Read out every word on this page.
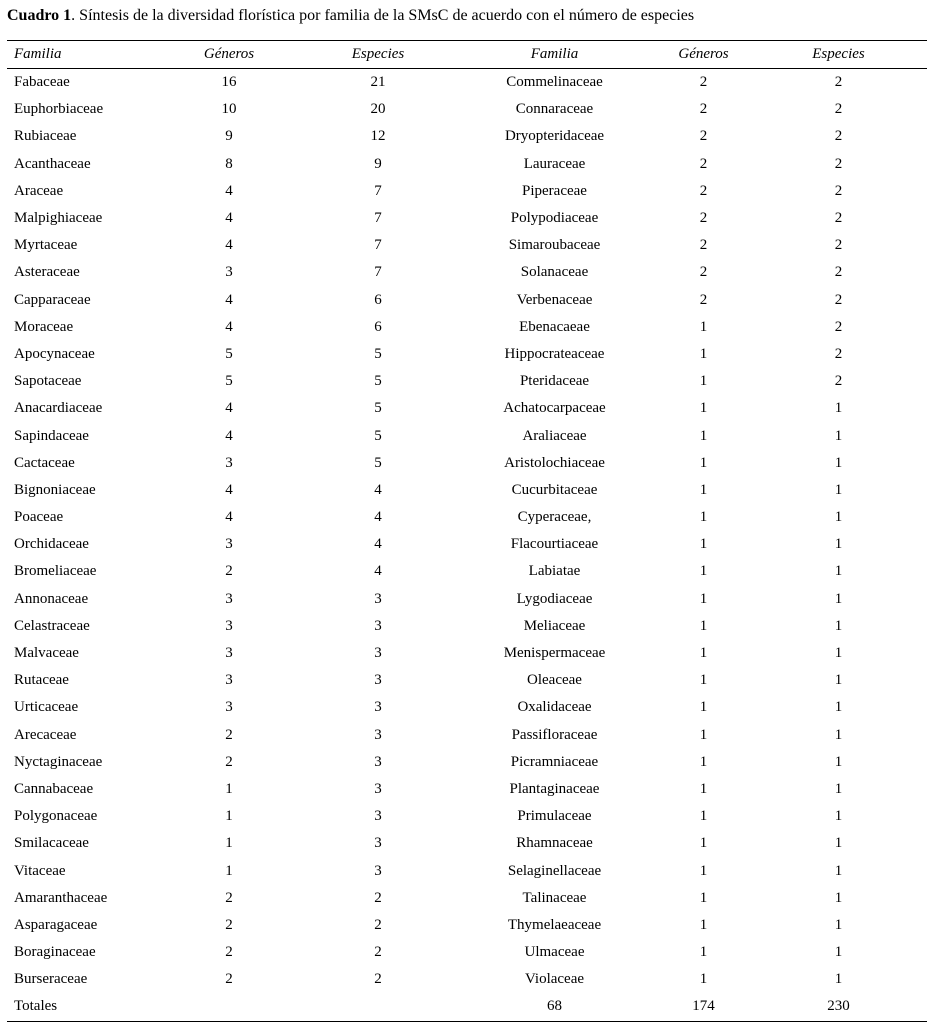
Cuadro 1. Síntesis de la diversidad florística por familia de la SMsC de acuerdo con el número de especies
Familia	Géneros	Especies	Familia	Géneros	Especies
Fabaceae	16	21	Commelinaceae	2	2
Euphorbiaceae	10	20	Connaraceae	2	2
Rubiaceae	9	12	Dryopteridaceae	2	2
Acanthaceae	8	9	Lauraceae	2	2
Araceae	4	7	Piperaceae	2	2
Malpighiaceae	4	7	Polypodiaceae	2	2
Myrtaceae	4	7	Simaroubaceae	2	2
Asteraceae	3	7	Solanaceae	2	2
Capparaceae	4	6	Verbenaceae	2	2
Moraceae	4	6	Ebenacaeae	1	2
Apocynaceae	5	5	Hippocrateaceae	1	2
Sapotaceae	5	5	Pteridaceae	1	2
Anacardiaceae	4	5	Achatocarpaceae	1	1
Sapindaceae	4	5	Araliaceae	1	1
Cactaceae	3	5	Aristolochiaceae	1	1
Bignoniaceae	4	4	Cucurbitaceae	1	1
Poaceae	4	4	Cyperaceae,	1	1
Orchidaceae	3	4	Flacourtiaceae	1	1
Bromeliaceae	2	4	Labiatae	1	1
Annonaceae	3	3	Lygodiaceae	1	1
Celastraceae	3	3	Meliaceae	1	1
Malvaceae	3	3	Menispermaceae	1	1
Rutaceae	3	3	Oleaceae	1	1
Urticaceae	3	3	Oxalidaceae	1	1
Arecaceae	2	3	Passifloraceae	1	1
Nyctaginaceae	2	3	Picramniaceae	1	1
Cannabaceae	1	3	Plantaginaceae	1	1
Polygonaceae	1	3	Primulaceae	1	1
Smilacaceae	1	3	Rhamnaceae	1	1
Vitaceae	1	3	Selaginellaceae	1	1
Amaranthaceae	2	2	Talinaceae	1	1
Asparagaceae	2	2	Thymelaeaceae	1	1
Boraginaceae	2	2	Ulmaceae	1	1
Burseraceae	2	2	Violaceae	1	1
Totales			68	174	230
